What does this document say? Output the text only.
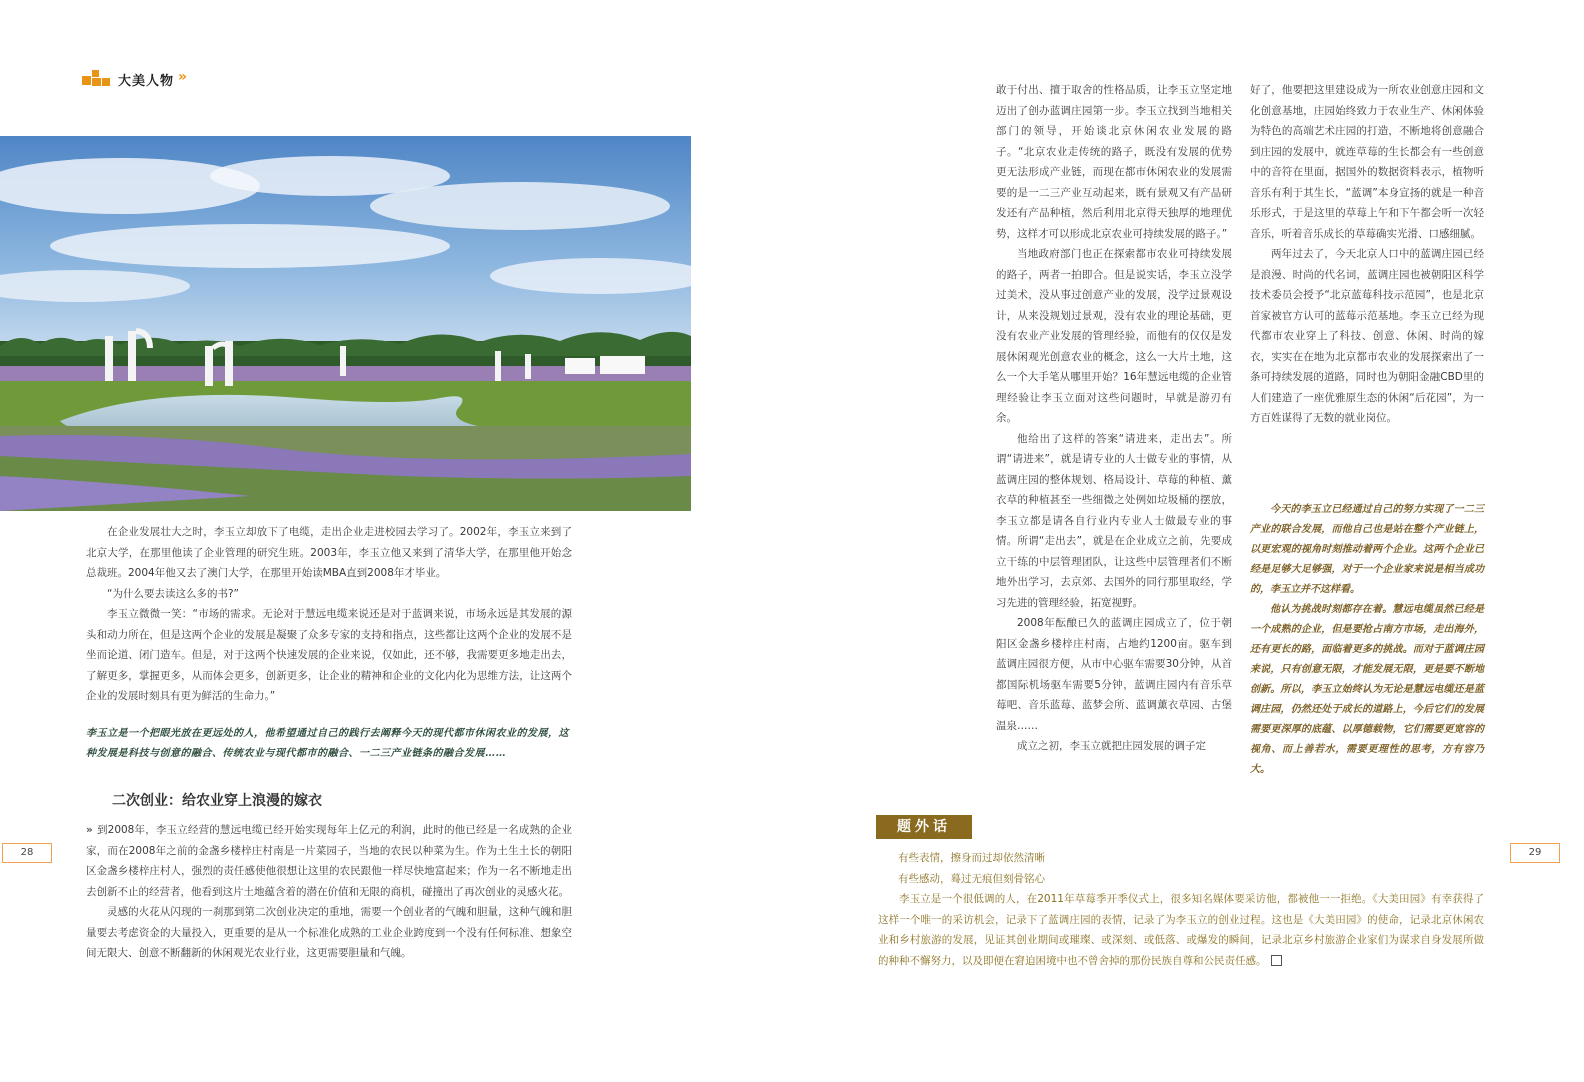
大美人物 »

在企业发展壮大之时，李玉立却放下了电缆，走出企业走进校园去学习了。2002年，李玉立来到了北京大学，在那里他读了企业管理的研究生班。2003年，李玉立他又来到了清华大学，在那里他开始念总裁班。2004年他又去了澳门大学，在那里开始读MBA直到2008年才毕业。

“为什么要去读这么多的书?”

李玉立微微一笑：“市场的需求。无论对于慧远电缆来说还是对于蓝调来说，市场永远是其发展的源头和动力所在，但是这两个企业的发展是凝聚了众多专家的支持和指点，这些都让这两个企业的发展不是坐而论道、闭门造车。但是，对于这两个快速发展的企业来说，仅如此，还不够，我需要更多地走出去，了解更多，掌握更多，从而体会更多，创新更多，让企业的精神和企业的文化内化为思维方法，让这两个企业的发展时刻具有更为鲜活的生命力。”

李玉立是一个把眼光放在更远处的人，他希望通过自己的践行去阐释今天的现代都市休闲农业的发展，这种发展是科技与创意的融合、传统农业与现代都市的融合、一二三产业链条的融合发展……
二次创业：给农业穿上浪漫的嫁衣

» 到2008年，李玉立经营的慧远电缆已经开始实现每年上亿元的利润，此时的他已经是一名成熟的企业家，而在2008年之前的金盏乡楼梓庄村南是一片菜园子，当地的农民以种菜为生。作为土生土长的朝阳区金盏乡楼梓庄村人，强烈的责任感使他很想让这里的农民跟他一样尽快地富起来；作为一名不断地走出去创新不止的经营者，他看到这片土地蕴含着的潜在价值和无限的商机，碰撞出了再次创业的灵感火花。

灵感的火花从闪现的一刹那到第二次创业决定的重地，需要一个创业者的气魄和胆量，这种气魄和胆量要去考虑资金的大量投入，更重要的是从一个标准化成熟的工业企业跨度到一个没有任何标准、想象空间无限大、创意不断翻新的休闲观光农业行业，这更需要胆量和气魄。

28

敢于付出、擅于取舍的性格品质，让李玉立坚定地迈出了创办蓝调庄园第一步。李玉立找到当地相关部门的领导，开始谈北京休闲农业发展的路子。“北京农业走传统的路子，既没有发展的优势更无法形成产业链，而现在都市休闲农业的发展需要的是一二三产业互动起来，既有景观又有产品研发还有产品种植，然后利用北京得天独厚的地理优势，这样才可以形成北京农业可持续发展的路子。”

当地政府部门也正在探索都市农业可持续发展的路子，两者一拍即合。但是说实话，李玉立没学过美术，没从事过创意产业的发展，没学过景观设计，从来没规划过景观，没有农业的理论基础，更没有农业产业发展的管理经验，而他有的仅仅是发展休闲观光创意农业的概念，这么一大片土地，这么一个大手笔从哪里开始？16年慧远电缆的企业管理经验让李玉立面对这些问题时，早就是游刃有余。

他给出了这样的答案“请进来，走出去”。所谓“请进来”，就是请专业的人士做专业的事情，从蓝调庄园的整体规划、格局设计、草莓的种植、薰衣草的种植甚至一些细微之处例如垃圾桶的摆放，李玉立都是请各自行业内专业人士做最专业的事情。所谓“走出去”，就是在企业成立之前，先要成立干练的中层管理团队，让这些中层管理者们不断地外出学习，去京郊、去国外的同行那里取经，学习先进的管理经验，拓宽视野。

2008年酝酿已久的蓝调庄园成立了，位于朝阳区金盏乡楼梓庄村南，占地约1200亩。驱车到蓝调庄园很方便，从市中心驱车需要30分钟，从首都国际机场驱车需要5分钟，蓝调庄园内有音乐草莓吧、音乐蓝莓、蓝梦会所、蓝调薰衣草园、古堡温泉……

成立之初，李玉立就把庄园发展的调子定

好了，他要把这里建设成为一所农业创意庄园和文化创意基地，庄园始终致力于农业生产、休闲体验为特色的高端艺术庄园的打造，不断地将创意融合到庄园的发展中，就连草莓的生长都会有一些创意中的音符在里面，据国外的数据资料表示，植物听音乐有利于其生长，“蓝调”本身宣扬的就是一种音乐形式，于是这里的草莓上午和下午都会听一次轻音乐，听着音乐成长的草莓确实光滑、口感细腻。

两年过去了，今天北京人口中的蓝调庄园已经是浪漫、时尚的代名词，蓝调庄园也被朝阳区科学技术委员会授予“北京蓝莓科技示范园”，也是北京首家被官方认可的蓝莓示范基地。李玉立已经为现代都市农业穿上了科技、创意、休闲、时尚的嫁衣，实实在在地为北京都市农业的发展探索出了一条可持续发展的道路，同时也为朝阳金融CBD里的人们建造了一座优雅原生态的休闲“后花园”，为一方百姓谋得了无数的就业岗位。

今天的李玉立已经通过自己的努力实现了一二三产业的联合发展，而他自己也是站在整个产业链上，以更宏观的视角时刻推动着两个企业。这两个企业已经是足够大足够强，对于一个企业家来说是相当成功的，李玉立并不这样看。

他认为挑战时刻都存在着。慧远电缆虽然已经是一个成熟的企业，但是要抢占南方市场，走出海外，还有更长的路，面临着更多的挑战。而对于蓝调庄园来说，只有创意无限，才能发展无限，更是要不断地创新。所以，李玉立始终认为无论是慧远电缆还是蓝调庄园，仍然还处于成长的道路上，今后它们的发展需要更深厚的底蕴、以厚德载物，它们需要更宽容的视角、而上善若水，需要更理性的思考，方有容乃大。

题外话

有些表情，擦身而过却依然清晰

有些感动，蓦过无痕但刻骨铭心

李玉立是一个很低调的人，在2011年草莓季开季仪式上，很多知名媒体要采访他，都被他一一拒绝。《大美田园》有幸获得了这样一个唯一的采访机会，记录下了蓝调庄园的表情，记录了为李玉立的创业过程。这也是《大美田园》的使命，记录北京休闲农业和乡村旅游的发展，见证其创业期间或璀璨、或深刻、或低落、或爆发的瞬间，记录北京乡村旅游企业家们为谋求自身发展所做的种种不懈努力，以及即便在窘迫困境中也不曾舍掉的那份民族自尊和公民责任感。

29
